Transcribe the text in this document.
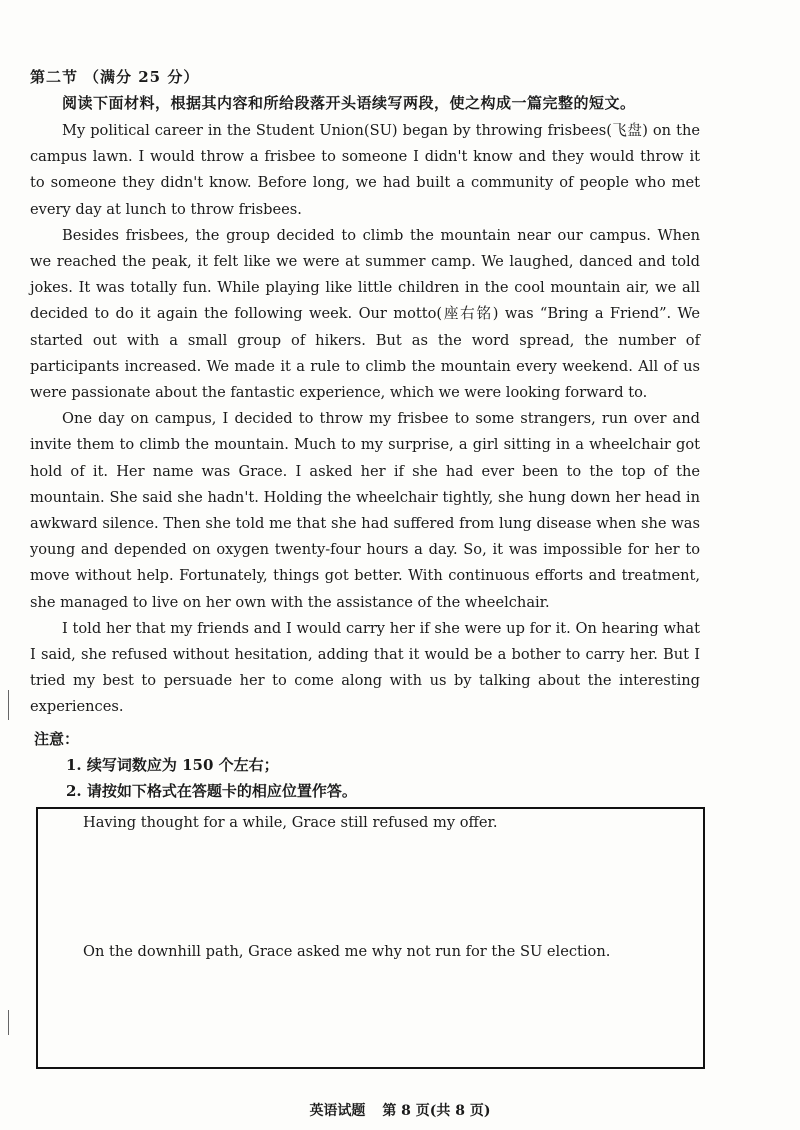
第二节 （满分 25 分）
阅读下面材料，根据其内容和所给段落开头语续写两段，使之构成一篇完整的短文。

My political career in the Student Union(SU) began by throwing frisbees(飞盘) on the campus lawn. I would throw a frisbee to someone I didn't know and they would throw it to someone they didn't know. Before long, we had built a community of people who met every day at lunch to throw frisbees.

Besides frisbees, the group decided to climb the mountain near our campus. When we reached the peak, it felt like we were at summer camp. We laughed, danced and told jokes. It was totally fun. While playing like little children in the cool mountain air, we all decided to do it again the following week. Our motto(座右铭) was “Bring a Friend”. We started out with a small group of hikers. But as the word spread, the number of participants increased. We made it a rule to climb the mountain every weekend. All of us were passionate about the fantastic experience, which we were looking forward to.

One day on campus, I decided to throw my frisbee to some strangers, run over and invite them to climb the mountain. Much to my surprise, a girl sitting in a wheelchair got hold of it. Her name was Grace. I asked her if she had ever been to the top of the mountain. She said she hadn't. Holding the wheelchair tightly, she hung down her head in awkward silence. Then she told me that she had suffered from lung disease when she was young and depended on oxygen twenty-four hours a day. So, it was impossible for her to move without help. Fortunately, things got better. With continuous efforts and treatment, she managed to live on her own with the assistance of the wheelchair.

I told her that my friends and I would carry her if she were up for it. On hearing what I said, she refused without hesitation, adding that it would be a bother to carry her. But I tried my best to persuade her to come along with us by talking about the interesting experiences.

注意：
1. 续写词数应为 150 个左右；
2. 请按如下格式在答题卡的相应位置作答。
Having thought for a while, Grace still refused my offer.
On the downhill path, Grace asked me why not run for the SU election.
英语试题 第 8 页(共 8 页)
